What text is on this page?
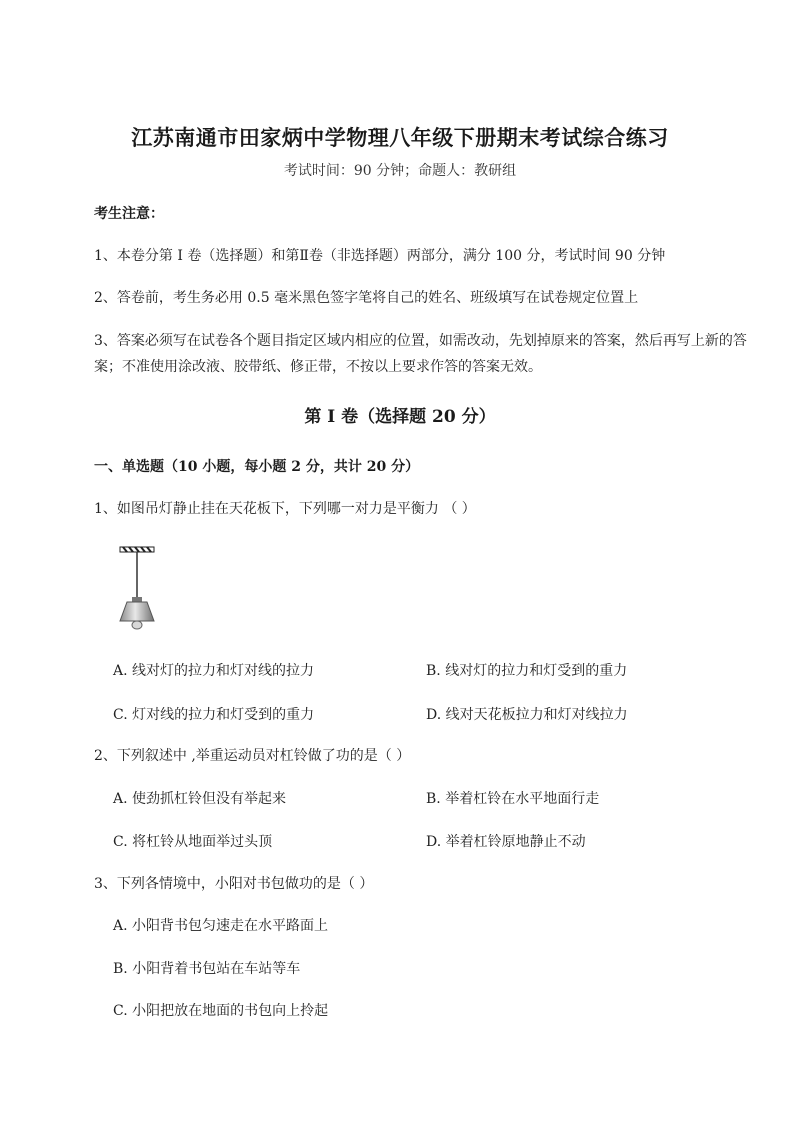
江苏南通市田家炳中学物理八年级下册期末考试综合练习
考试时间：90 分钟；命题人：教研组
考生注意：
1、本卷分第 I 卷（选择题）和第Ⅱ卷（非选择题）两部分，满分 100 分，考试时间 90 分钟
2、答卷前，考生务必用 0.5 毫米黑色签字笔将自己的姓名、班级填写在试卷规定位置上
3、答案必须写在试卷各个题目指定区域内相应的位置，如需改动，先划掉原来的答案，然后再写上新的答案；不准使用涂改液、胶带纸、修正带，不按以上要求作答的答案无效。
第 I 卷（选择题 20 分）
一、单选题（10 小题，每小题 2 分，共计 20 分）
1、如图吊灯静止挂在天花板下，下列哪一对力是平衡力 （ ）
A. 线对灯的拉力和灯对线的拉力	B. 线对灯的拉力和灯受到的重力
C. 灯对线的拉力和灯受到的重力	D. 线对天花板拉力和灯对线拉力
2、下列叙述中 ,举重运动员对杠铃做了功的是（ ）
A. 使劲抓杠铃但没有举起来	B. 举着杠铃在水平地面行走
C. 将杠铃从地面举过头顶	D. 举着杠铃原地静止不动
3、下列各情境中，小阳对书包做功的是（ ）
A. 小阳背书包匀速走在水平路面上
B. 小阳背着书包站在车站等车
C. 小阳把放在地面的书包向上拎起
